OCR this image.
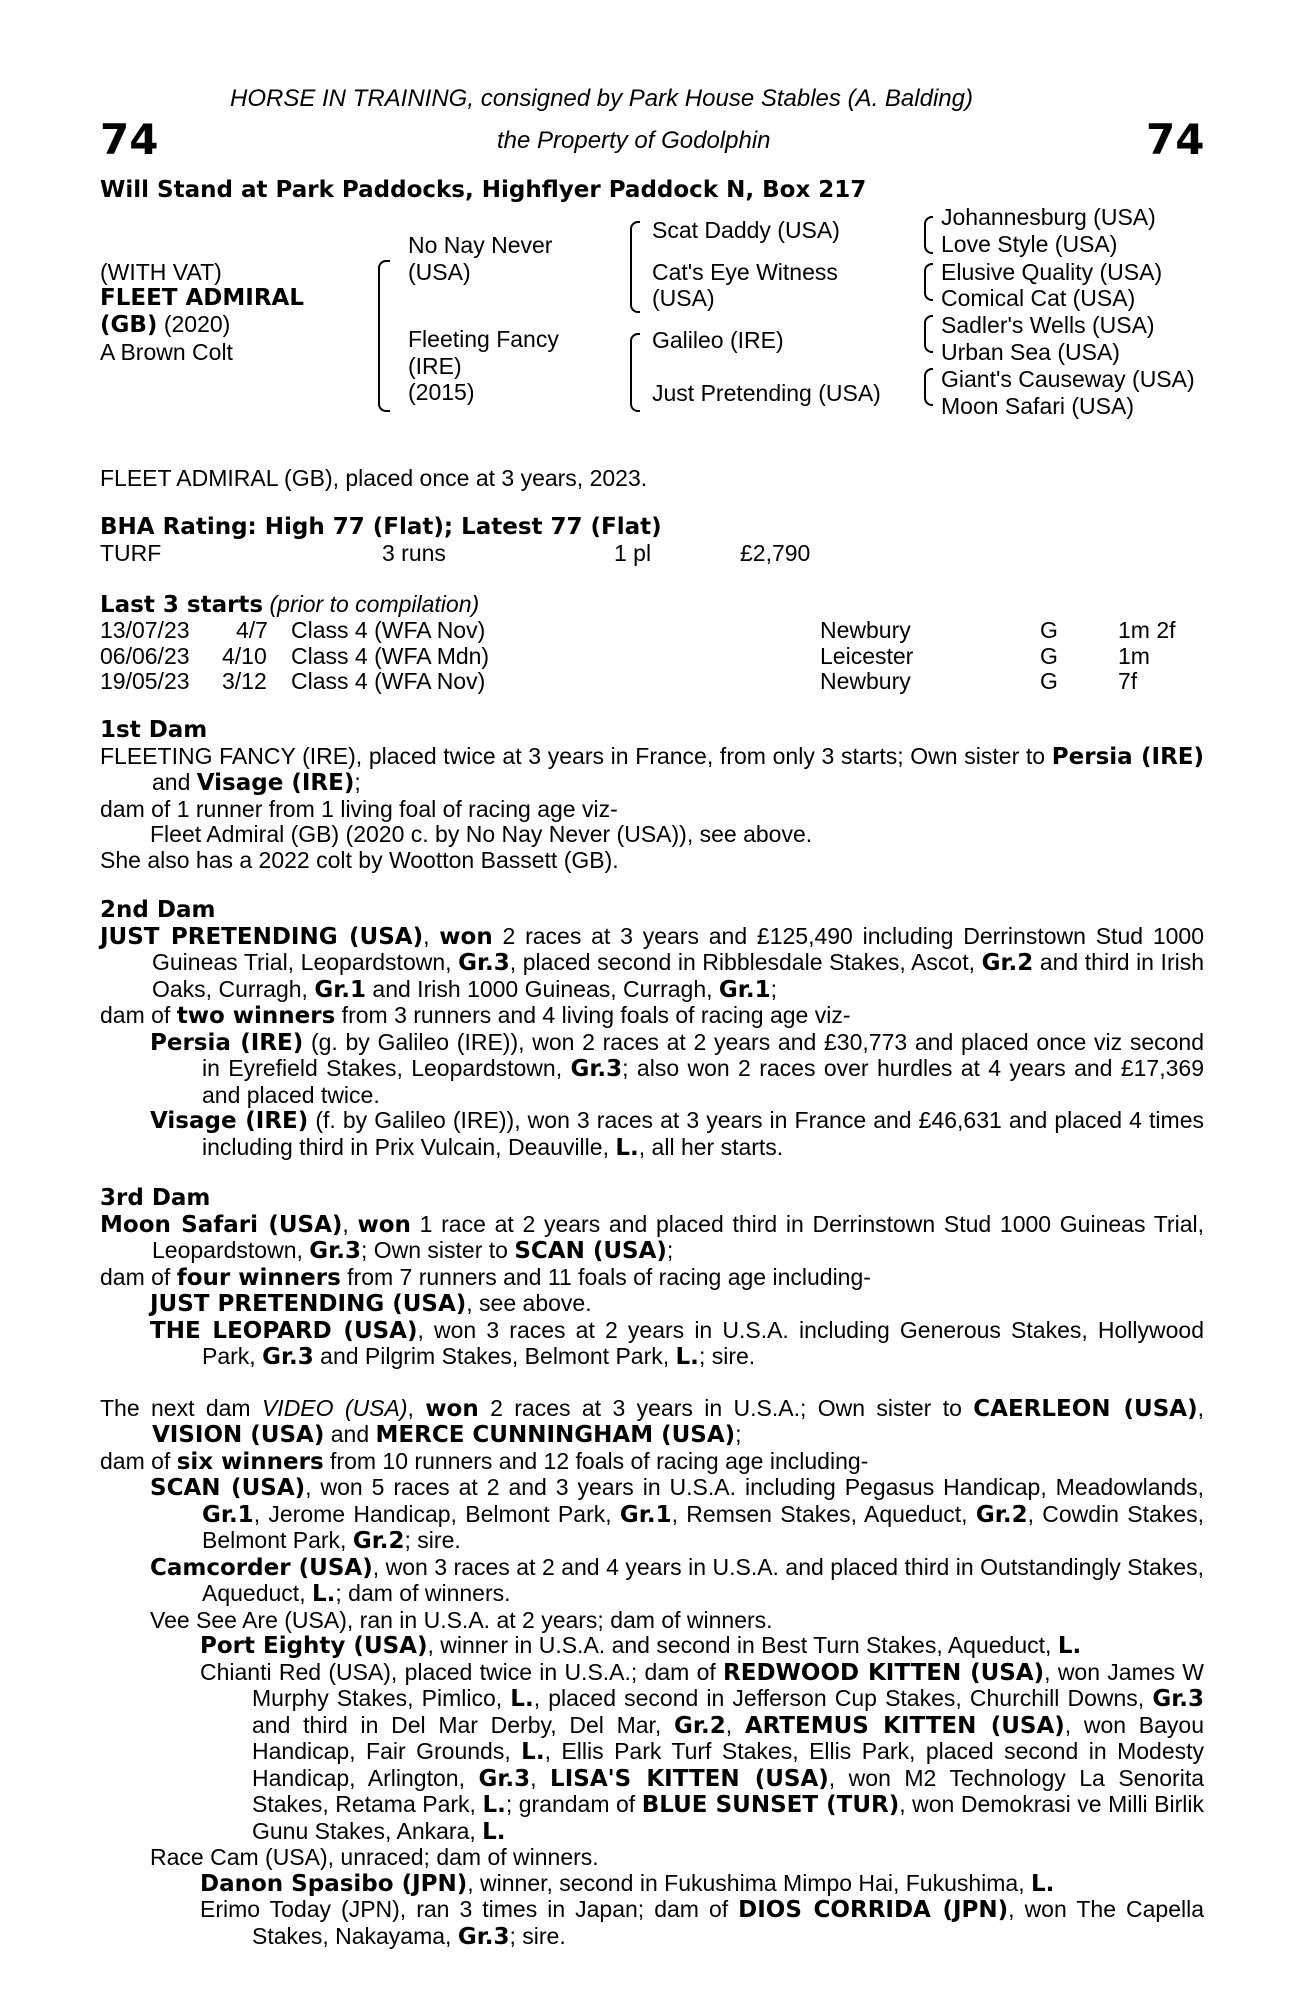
HORSE IN TRAINING, consigned by Park House Stables (A. Balding)
the Property of Godolphin
74	74
Will Stand at Park Paddocks, Highflyer Paddock N, Box 217
(WITH VAT)
FLEET ADMIRAL
(GB) (2020)
A Brown Colt
No Nay Never
(USA)
Fleeting Fancy
(IRE)
(2015)
Scat Daddy (USA)
Cat's Eye Witness
(USA)
Galileo (IRE)
Just Pretending (USA)
Johannesburg (USA)
Love Style (USA)
Elusive Quality (USA)
Comical Cat (USA)
Sadler's Wells (USA)
Urban Sea (USA)
Giant's Causeway (USA)
Moon Safari (USA)
FLEET ADMIRAL (GB), placed once at 3 years, 2023.
BHA Rating: High 77 (Flat); Latest 77 (Flat)
TURF	3 runs	1 pl	£2,790
Last 3 starts (prior to compilation)
13/07/23 4/7 Class 4 (WFA Nov)	Newbury	G	1m 2f
06/06/23 4/10 Class 4 (WFA Mdn)	Leicester	G	1m
19/05/23 3/12 Class 4 (WFA Nov)	Newbury	G	7f
1st Dam
FLEETING FANCY (IRE), placed twice at 3 years in France, from only 3 starts; Own sister to Persia (IRE) and Visage (IRE);
dam of 1 runner from 1 living foal of racing age viz-
Fleet Admiral (GB) (2020 c. by No Nay Never (USA)), see above.
She also has a 2022 colt by Wootton Bassett (GB).
2nd Dam
JUST PRETENDING (USA), won 2 races at 3 years and £125,490 including Derrinstown Stud 1000 Guineas Trial, Leopardstown, Gr.3, placed second in Ribblesdale Stakes, Ascot, Gr.2 and third in Irish Oaks, Curragh, Gr.1 and Irish 1000 Guineas, Curragh, Gr.1;
dam of two winners from 3 runners and 4 living foals of racing age viz-
Persia (IRE) (g. by Galileo (IRE)), won 2 races at 2 years and £30,773 and placed once viz second in Eyrefield Stakes, Leopardstown, Gr.3; also won 2 races over hurdles at 4 years and £17,369 and placed twice.
Visage (IRE) (f. by Galileo (IRE)), won 3 races at 3 years in France and £46,631 and placed 4 times including third in Prix Vulcain, Deauville, L., all her starts.
3rd Dam
Moon Safari (USA), won 1 race at 2 years and placed third in Derrinstown Stud 1000 Guineas Trial, Leopardstown, Gr.3; Own sister to SCAN (USA);
dam of four winners from 7 runners and 11 foals of racing age including-
JUST PRETENDING (USA), see above.
THE LEOPARD (USA), won 3 races at 2 years in U.S.A. including Generous Stakes, Hollywood Park, Gr.3 and Pilgrim Stakes, Belmont Park, L.; sire.
The next dam VIDEO (USA), won 2 races at 3 years in U.S.A.; Own sister to CAERLEON (USA), VISION (USA) and MERCE CUNNINGHAM (USA);
dam of six winners from 10 runners and 12 foals of racing age including-
SCAN (USA), won 5 races at 2 and 3 years in U.S.A. including Pegasus Handicap, Meadowlands, Gr.1, Jerome Handicap, Belmont Park, Gr.1, Remsen Stakes, Aqueduct, Gr.2, Cowdin Stakes, Belmont Park, Gr.2; sire.
Camcorder (USA), won 3 races at 2 and 4 years in U.S.A. and placed third in Outstandingly Stakes, Aqueduct, L.; dam of winners.
Vee See Are (USA), ran in U.S.A. at 2 years; dam of winners.
Port Eighty (USA), winner in U.S.A. and second in Best Turn Stakes, Aqueduct, L.
Chianti Red (USA), placed twice in U.S.A.; dam of REDWOOD KITTEN (USA), won James W Murphy Stakes, Pimlico, L., placed second in Jefferson Cup Stakes, Churchill Downs, Gr.3 and third in Del Mar Derby, Del Mar, Gr.2, ARTEMUS KITTEN (USA), won Bayou Handicap, Fair Grounds, L., Ellis Park Turf Stakes, Ellis Park, placed second in Modesty Handicap, Arlington, Gr.3, LISA'S KITTEN (USA), won M2 Technology La Senorita Stakes, Retama Park, L.; grandam of BLUE SUNSET (TUR), won Demokrasi ve Milli Birlik Gunu Stakes, Ankara, L.
Race Cam (USA), unraced; dam of winners.
Danon Spasibo (JPN), winner, second in Fukushima Mimpo Hai, Fukushima, L.
Erimo Today (JPN), ran 3 times in Japan; dam of DIOS CORRIDA (JPN), won The Capella Stakes, Nakayama, Gr.3; sire.
